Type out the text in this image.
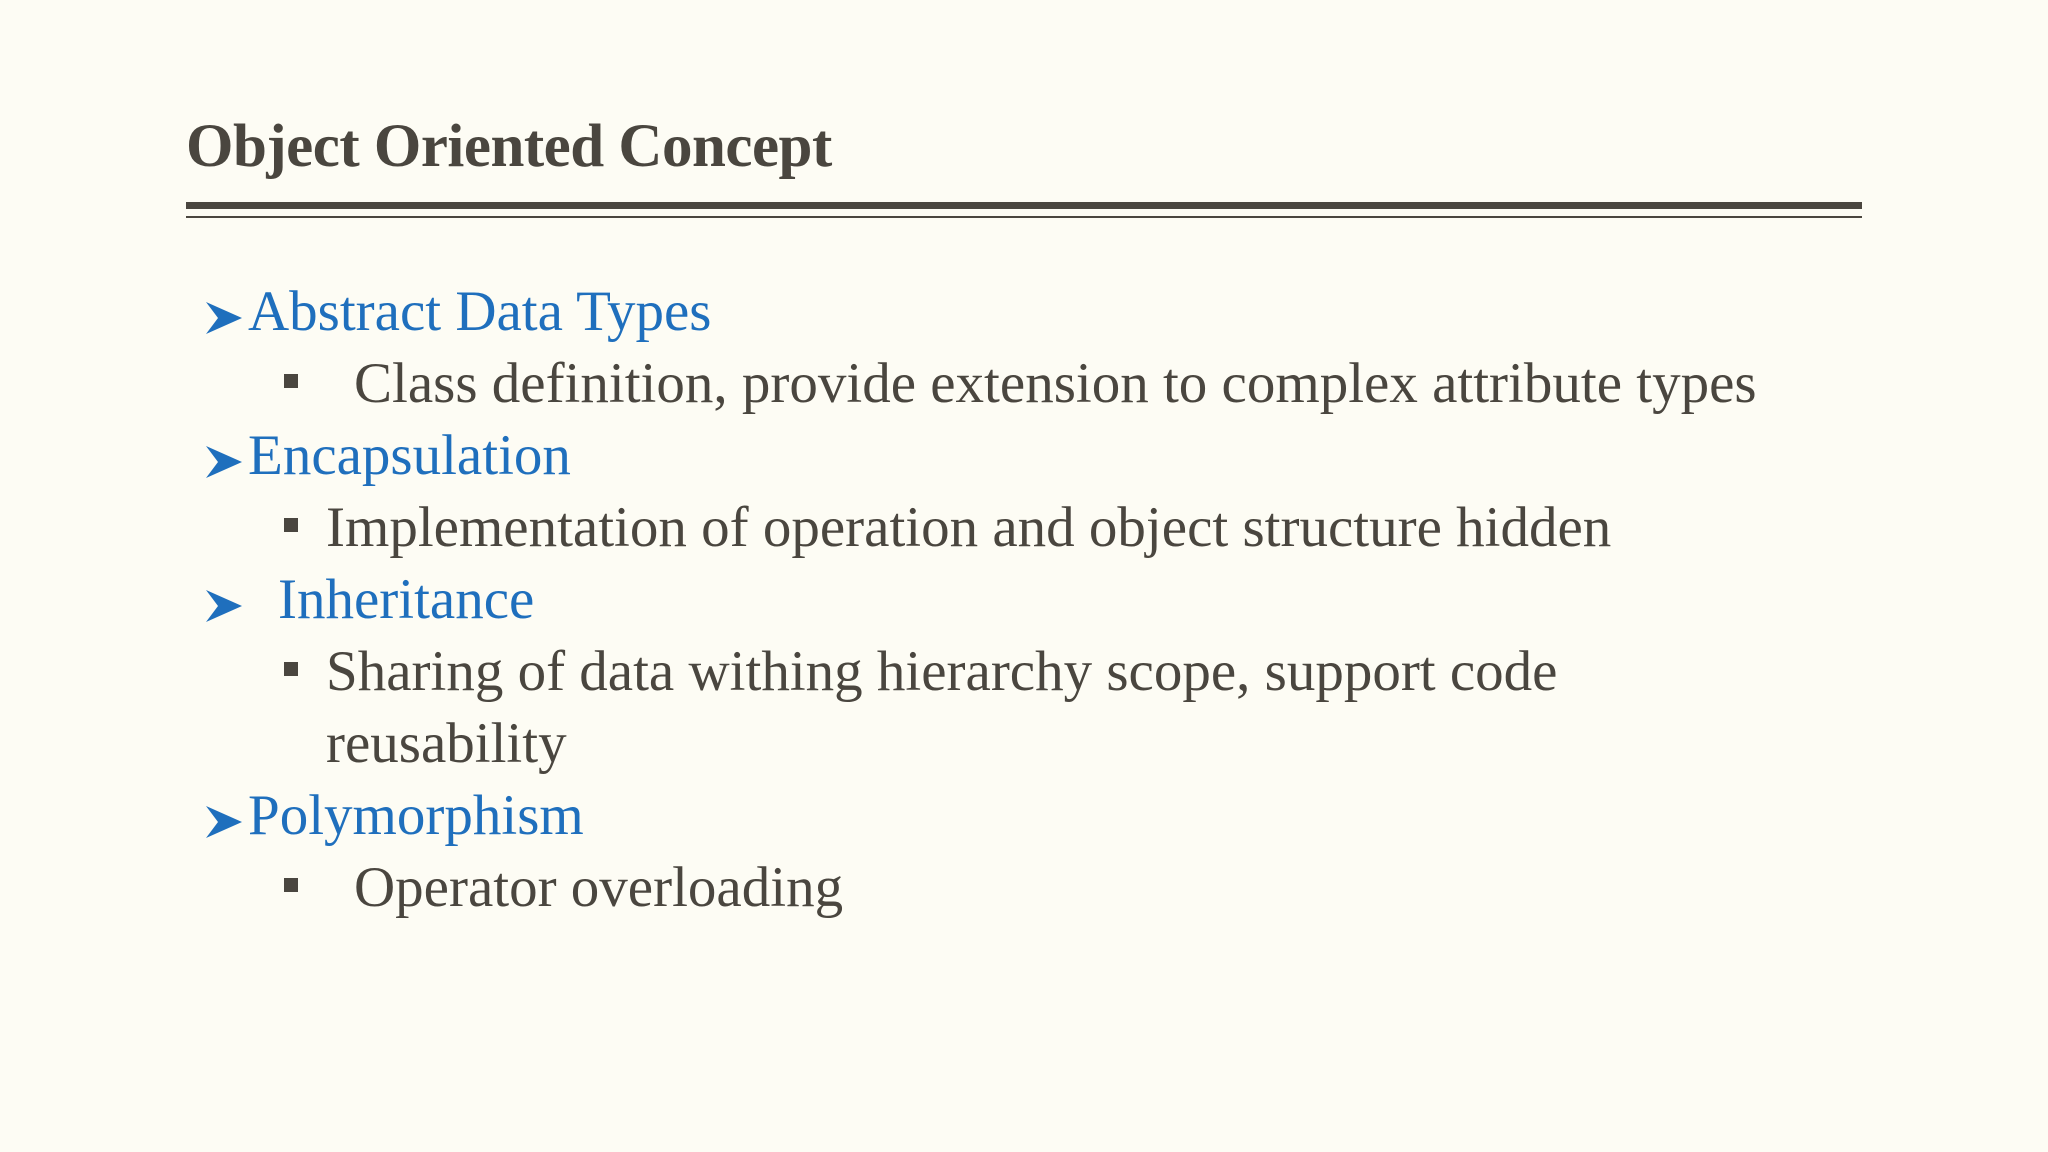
Object Oriented Concept
Abstract Data Types
Class definition, provide extension to complex attribute types
Encapsulation
Implementation of operation and object structure hidden
Inheritance
Sharing of data withing hierarchy scope, support code
reusability
Polymorphism
Operator overloading
